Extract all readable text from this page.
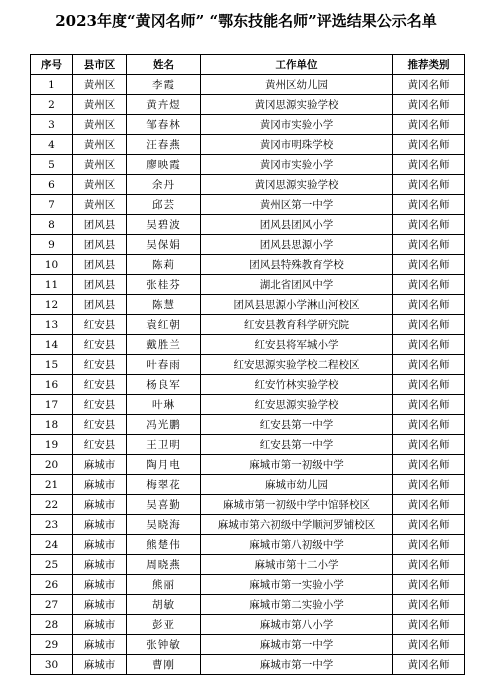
2023年度“黄冈名师” “鄂东技能名师”评选结果公示名单
序号	县市区	姓名	工作单位	推荐类别
1	黄州区	李霞	黄州区幼儿园	黄冈名师
2	黄州区	黄卉煜	黄冈思源实验学校	黄冈名师
3	黄州区	邹春林	黄冈市实验小学	黄冈名师
4	黄州区	汪春燕	黄冈市明珠学校	黄冈名师
5	黄州区	廖映霞	黄冈市实验小学	黄冈名师
6	黄州区	余丹	黄冈思源实验学校	黄冈名师
7	黄州区	邱芸	黄州区第一中学	黄冈名师
8	团风县	吴碧波	团风县团风小学	黄冈名师
9	团风县	吴保娟	团风县思源小学	黄冈名师
10	团风县	陈莉	团风县特殊教育学校	黄冈名师
11	团风县	张桂芬	湖北省团风中学	黄冈名师
12	团风县	陈慧	团风县思源小学淋山河校区	黄冈名师
13	红安县	袁红朝	红安县教育科学研究院	黄冈名师
14	红安县	戴胜兰	红安县将军城小学	黄冈名师
15	红安县	叶春雨	红安思源实验学校二程校区	黄冈名师
16	红安县	杨良军	红安竹林实验学校	黄冈名师
17	红安县	叶琳	红安思源实验学校	黄冈名师
18	红安县	冯光鹏	红安县第一中学	黄冈名师
19	红安县	王卫明	红安县第一中学	黄冈名师
20	麻城市	陶月电	麻城市第一初级中学	黄冈名师
21	麻城市	梅翠花	麻城市幼儿园	黄冈名师
22	麻城市	吴喜勤	麻城市第一初级中学中馆驿校区	黄冈名师
23	麻城市	吴晓海	麻城市第六初级中学顺河罗铺校区	黄冈名师
24	麻城市	熊楚伟	麻城市第八初级中学	黄冈名师
25	麻城市	周晓燕	麻城市第十二小学	黄冈名师
26	麻城市	熊丽	麻城市第一实验小学	黄冈名师
27	麻城市	胡敏	麻城市第二实验小学	黄冈名师
28	麻城市	彭亚	麻城市第八小学	黄冈名师
29	麻城市	张钟敏	麻城市第一中学	黄冈名师
30	麻城市	曹刚	麻城市第一中学	黄冈名师
